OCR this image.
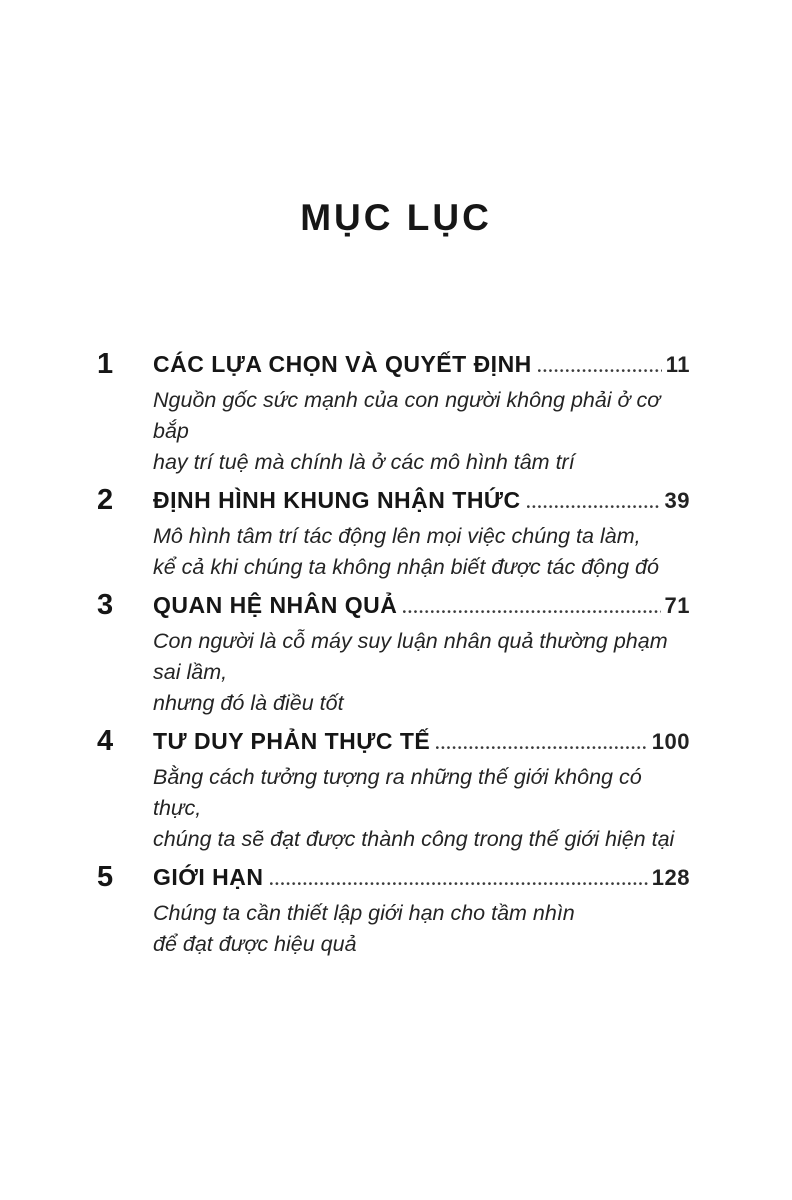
MỤC LỤC
1	CÁC LỰA CHỌN VÀ QUYẾT ĐỊNH	11
Nguồn gốc sức mạnh của con người không phải ở cơ bắp
hay trí tuệ mà chính là ở các mô hình tâm trí
2	ĐỊNH HÌNH KHUNG NHẬN THỨC	39
Mô hình tâm trí tác động lên mọi việc chúng ta làm,
kể cả khi chúng ta không nhận biết được tác động đó
3	QUAN HỆ NHÂN QUẢ	71
Con người là cỗ máy suy luận nhân quả thường phạm sai lầm,
nhưng đó là điều tốt
4	TƯ DUY PHẢN THỰC TẾ	100
Bằng cách tưởng tượng ra những thế giới không có thực,
chúng ta sẽ đạt được thành công trong thế giới hiện tại
5	GIỚI HẠN	128
Chúng ta cần thiết lập giới hạn cho tầm nhìn
để đạt được hiệu quả
